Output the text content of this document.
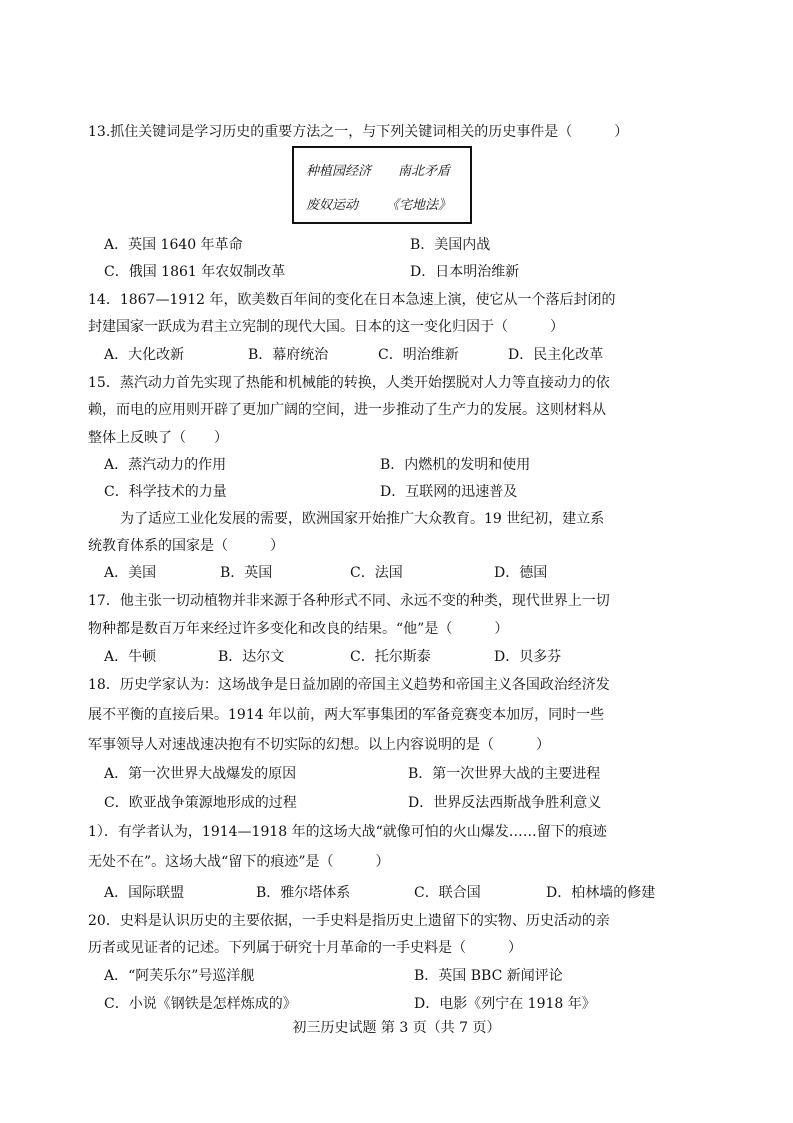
13.抓住关键词是学习历史的重要方法之一，与下列关键词相关的历史事件是（　　　）
种植园经济 南北矛盾
废奴运动 《宅地法》
A．英国 1640 年革命	B．美国内战
C．俄国 1861 年农奴制改革	D．日本明治维新
14．1867—1912 年，欧美数百年间的变化在日本急速上演，使它从一个落后封闭的
封建国家一跃成为君主立宪制的现代大国。日本的这一变化归因于（　　　）
A．大化改新	B．幕府统治	C．明治维新	D．民主化改革
15．蒸汽动力首先实现了热能和机械能的转换，人类开始摆脱对人力等直接动力的依
赖，而电的应用则开辟了更加广阔的空间，进一步推动了生产力的发展。这则材料从
整体上反映了（　　）
A．蒸汽动力的作用	B．内燃机的发明和使用
C．科学技术的力量	D．互联网的迅速普及
为了适应工业化发展的需要，欧洲国家开始推广大众教育。19 世纪初，建立系
统教育体系的国家是（　　　）
A．美国	B．英国	C．法国	D．德国
17．他主张一切动植物并非来源于各种形式不同、永远不变的种类，现代世界上一切
物种都是数百万年来经过许多变化和改良的结果。“他”是（　　　）
A．牛顿	B．达尔文	C．托尔斯泰	D．贝多芬
18．历史学家认为：这场战争是日益加剧的帝国主义趋势和帝国主义各国政治经济发
展不平衡的直接后果。1914 年以前，两大军事集团的军备竞赛变本加厉，同时一些
军事领导人对速战速决抱有不切实际的幻想。以上内容说明的是（　　　）
A．第一次世界大战爆发的原因	B．第一次世界大战的主要进程
C．欧亚战争策源地形成的过程	D．世界反法西斯战争胜利意义
1）．有学者认为，1914—1918 年的这场大战“就像可怕的火山爆发……留下的痕迹
无处不在”。这场大战“留下的痕迹”是（　　　）
A．国际联盟	B．雅尔塔体系	C．联合国	D．柏林墙的修建
20．史料是认识历史的主要依据，一手史料是指历史上遗留下的实物、历史活动的亲
历者或见证者的记述。下列属于研究十月革命的一手史料是（　　　）
A．“阿芙乐尔”号巡洋舰	B．英国 BBC 新闻评论
C．小说《钢铁是怎样炼成的》	D．电影《列宁在 1918 年》
初三历史试题 第 3 页（共 7 页）
